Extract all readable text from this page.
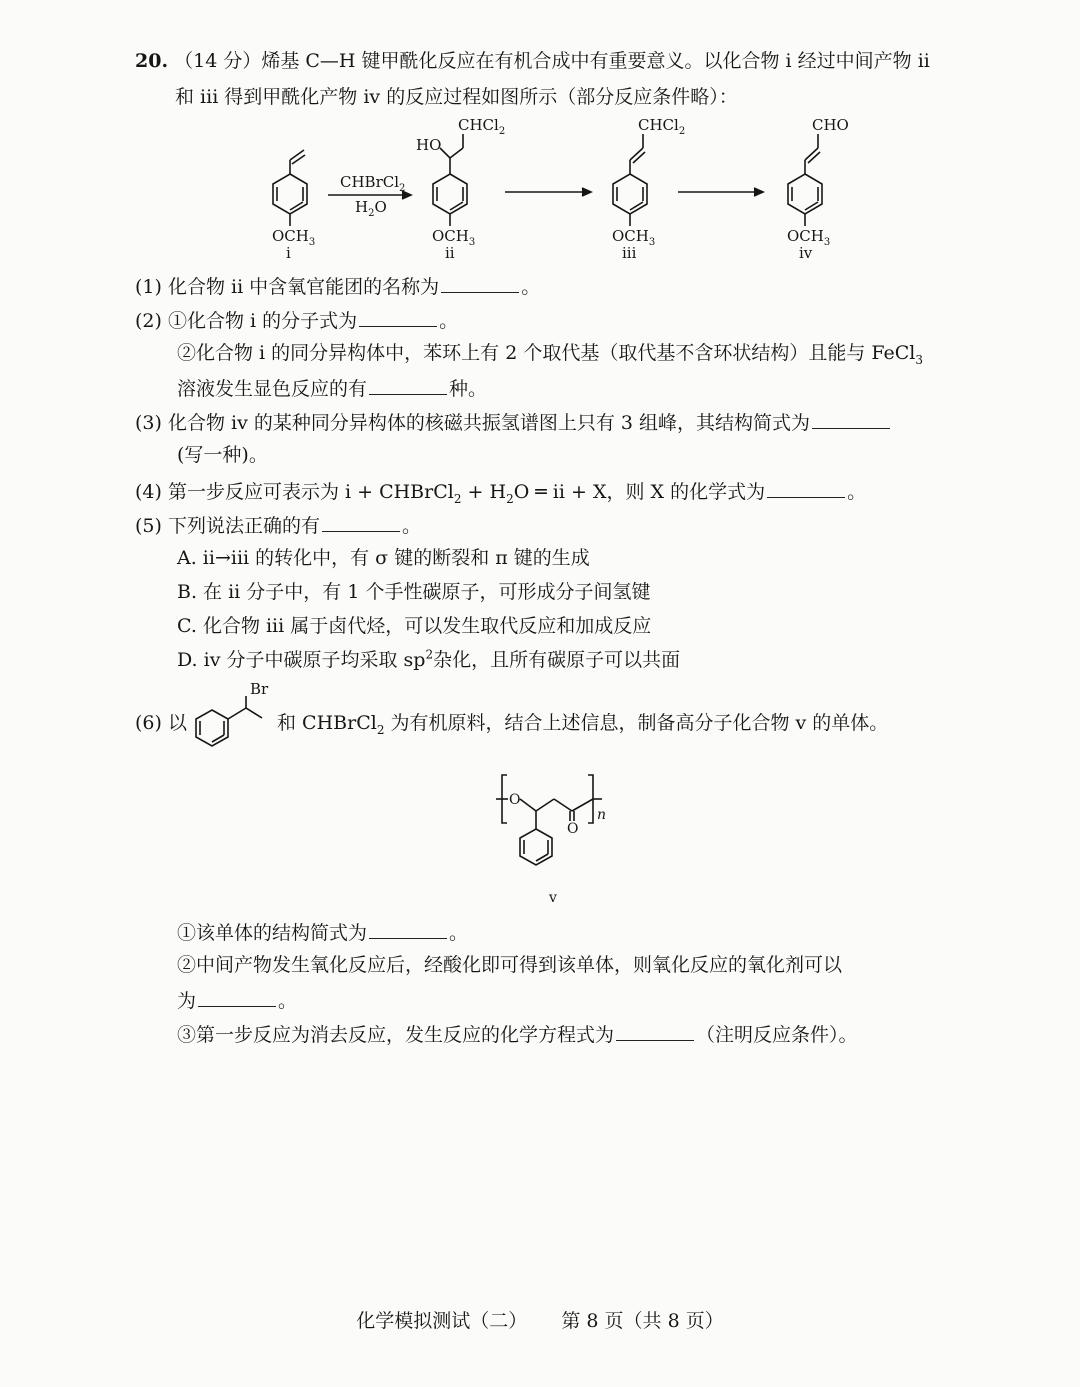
20. （14 分）烯基 C—H 键甲酰化反应在有机合成中有重要意义。以化合物 i 经过中间产物 ii
和 iii 得到甲酰化产物 iv 的反应过程如图所示（部分反应条件略）：
CHBrCl$_2$
$H_2O$
$OCH_3$
i
CHCl$_2$
HO
$OCH_3$
ii
CHCl$_2$
$OCH_3$
iii
CHO
$OCH_3$
iv
(1) 化合物 ii 中含氧官能团的名称为	。
(2) ①化合物 i 的分子式为	。
②化合物 i 的同分异构体中，苯环上有 2 个取代基（取代基不含环状结构）且能与 FeCl$_3$
溶液发生显色反应的有	种。
(3) 化合物 iv 的某种同分异构体的核磁共振氢谱图上只有 3 组峰，其结构简式为
(写一种)。
(4) 第一步反应可表示为 i + CHBrCl$_2$ + $H_2O$ ═ ii + X，则 X 的化学式为	。
(5) 下列说法正确的有	。
A. ii→iii 的转化中，有 σ 键的断裂和 π 键的生成
B. 在 ii 分子中，有 1 个手性碳原子，可形成分子间氢键
C. 化合物 iii 属于卤代烃，可以发生取代反应和加成反应
D. iv 分子中碳原子均采取 $sp^2$杂化，且所有碳原子可以共面
(6) 以
Br
和 CHBrCl$_2$ 为有机原料，结合上述信息，制备高分子化合物 v 的单体。
O
O
n
v
①该单体的结构简式为	。
②中间产物发生氧化反应后，经酸化即可得到该单体，则氧化反应的氧化剂可以
为	。
③第一步反应为消去反应，发生反应的化学方程式为	（注明反应条件）。
化学模拟测试（二） 第 8 页（共 8 页）
